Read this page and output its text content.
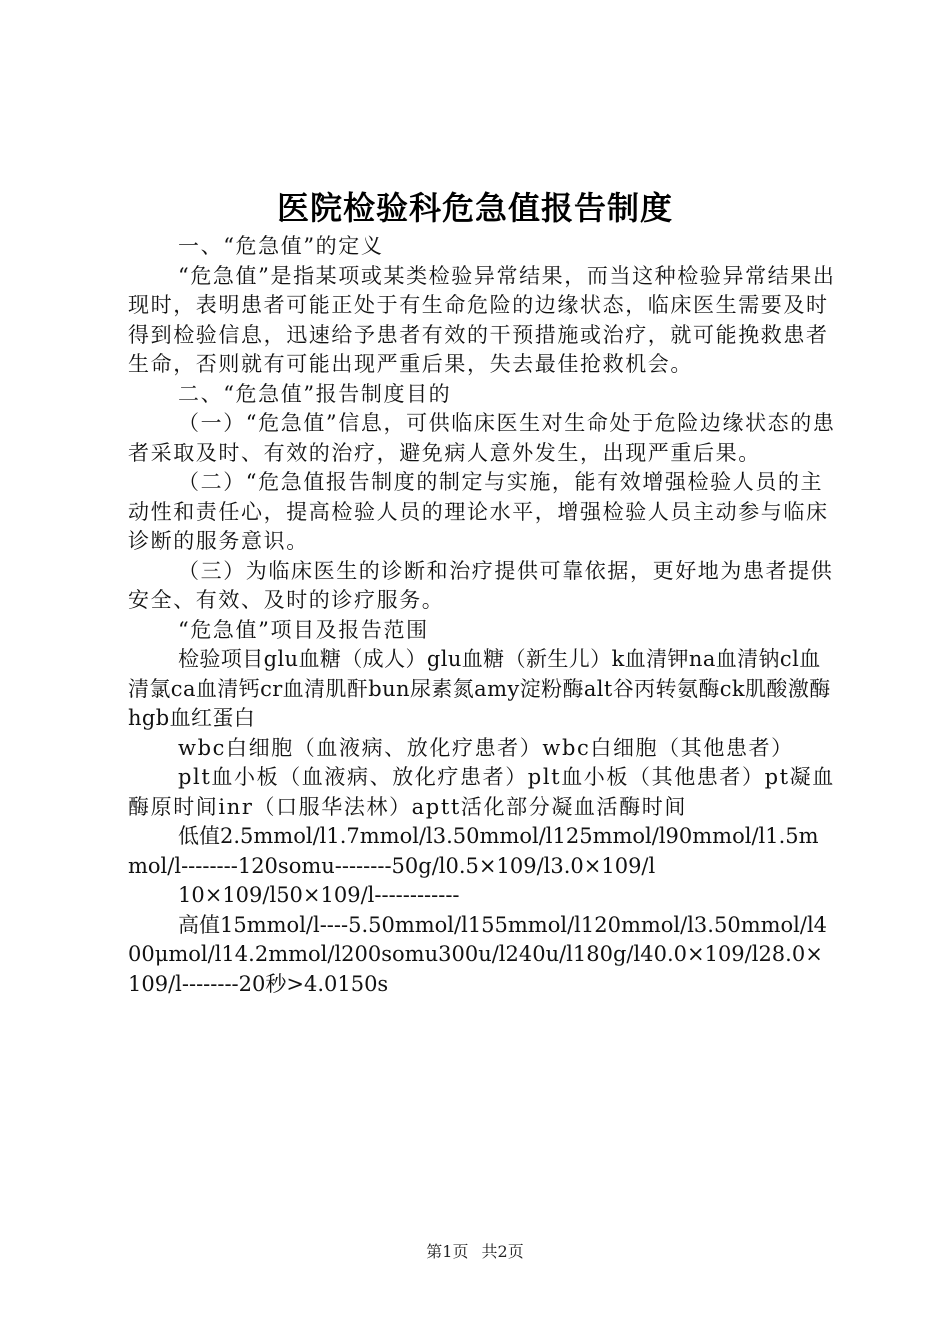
医院检验科危急值报告制度

一、“危急值”的定义

“危急值”是指某项或某类检验异常结果，而当这种检验异常结果出现时，表明患者可能正处于有生命危险的边缘状态，临床医生需要及时得到检验信息，迅速给予患者有效的干预措施或治疗，就可能挽救患者生命，否则就有可能出现严重后果，失去最佳抢救机会。

二、“危急值”报告制度目的

（一）“危急值”信息，可供临床医生对生命处于危险边缘状态的患者采取及时、有效的治疗，避免病人意外发生，出现严重后果。

（二）“危急值报告制度的制定与实施，能有效增强检验人员的主动性和责任心，提高检验人员的理论水平，增强检验人员主动参与临床诊断的服务意识。

（三）为临床医生的诊断和治疗提供可靠依据，更好地为患者提供安全、有效、及时的诊疗服务。

“危急值”项目及报告范围

检验项目glu血糖（成人）glu血糖（新生儿）k血清钾na血清钠cl血清氯ca血清钙cr血清肌酐bun尿素氮amy淀粉酶alt谷丙转氨酶ck肌酸激酶hgb血红蛋白

wbc白细胞（血液病、放化疗患者）wbc白细胞（其他患者）

plt血小板（血液病、放化疗患者）plt血小板（其他患者）pt凝血酶原时间inr（口服华法林）aptt活化部分凝血活酶时间

低值2.5mmol/l1.7mmol/l3.50mmol/l125mmol/l90mmol/l1.5mmol/l--------120somu--------50g/l0.5×109/l3.0×109/l

10×109/l50×109/l------------

高值15mmol/l----5.50mmol/l155mmol/l120mmol/l3.50mmol/l400μmol/l14.2mmol/l200somu300u/l240u/l180g/l40.0×109/l28.0×109/l--------20秒>4.0150s

第1页 共2页
